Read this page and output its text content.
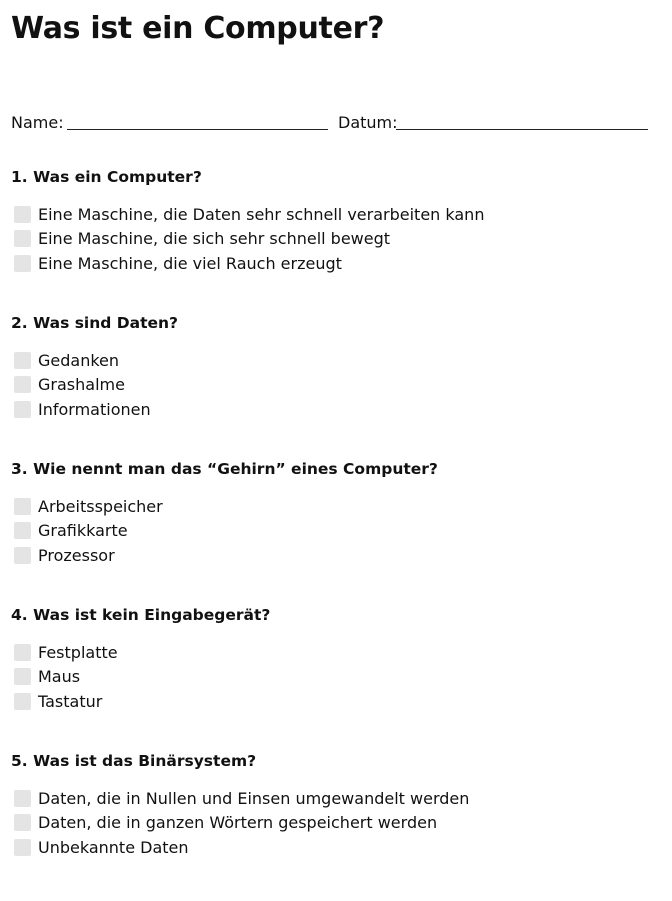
Was ist ein Computer?
Name:	Datum:

1. Was ein Computer?

Eine Maschine, die Daten sehr schnell verarbeiten kann
Eine Maschine, die sich sehr schnell bewegt
Eine Maschine, die viel Rauch erzeugt

2. Was sind Daten?

Gedanken
Grashalme
Informationen

3. Wie nennt man das “Gehirn” eines Computer?

Arbeitsspeicher
Grafikkarte
Prozessor

4. Was ist kein Eingabegerät?

Festplatte
Maus
Tastatur

5. Was ist das Binärsystem?

Daten, die in Nullen und Einsen umgewandelt werden
Daten, die in ganzen Wörtern gespeichert werden
Unbekannte Daten
